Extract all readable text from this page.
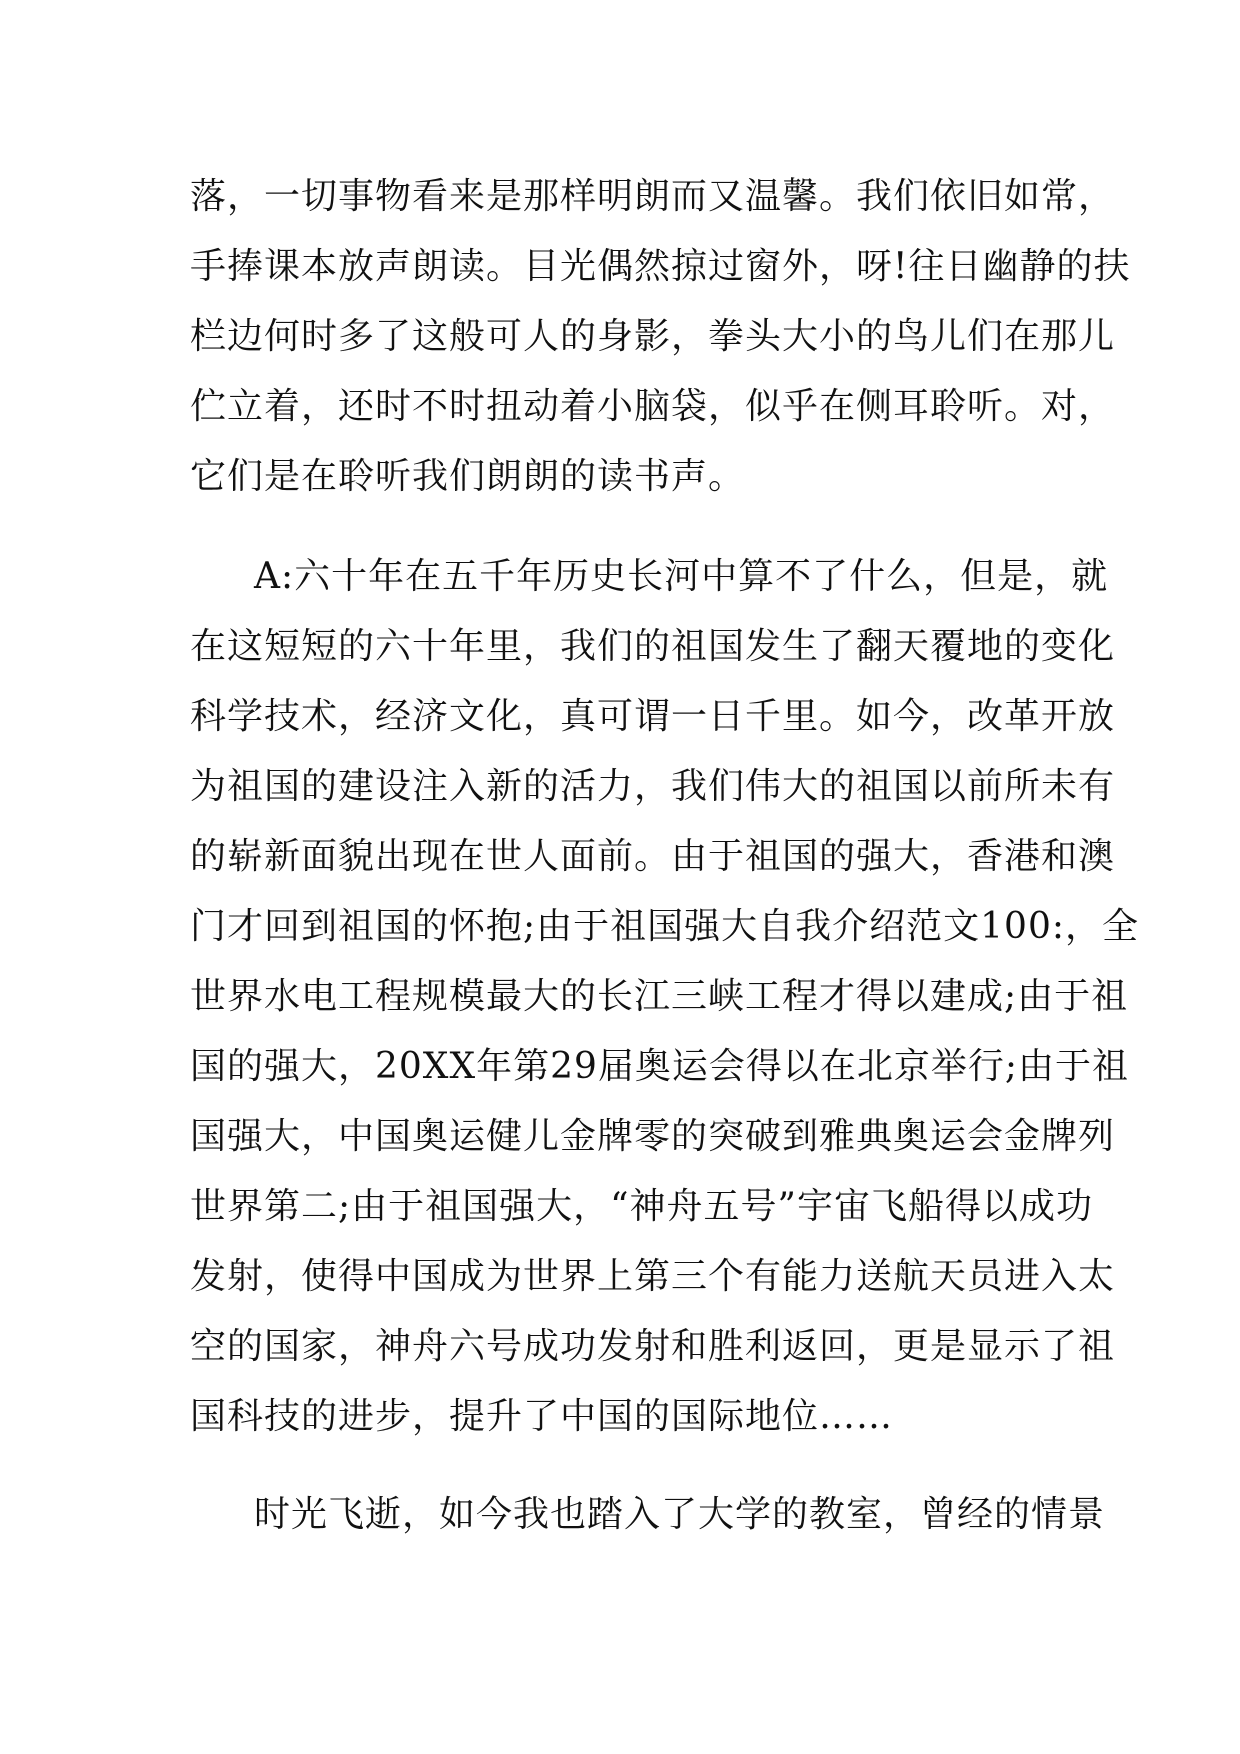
落，一切事物看来是那样明朗而又温馨。我们依旧如常，
手捧课本放声朗读。目光偶然掠过窗外，呀!往日幽静的扶
栏边何时多了这般可人的身影，拳头大小的鸟儿们在那儿
伫立着，还时不时扭动着小脑袋，似乎在侧耳聆听。对，
它们是在聆听我们朗朗的读书声。
A:六十年在五千年历史长河中算不了什么，但是，就
在这短短的六十年里，我们的祖国发生了翻天覆地的变化
科学技术，经济文化，真可谓一日千里。如今，改革开放
为祖国的建设注入新的活力，我们伟大的祖国以前所未有
的崭新面貌出现在世人面前。由于祖国的强大，香港和澳
门才回到祖国的怀抱;由于祖国强大自我介绍范文100:，全
世界水电工程规模最大的长江三峡工程才得以建成;由于祖
国的强大，20XX年第29届奥运会得以在北京举行;由于祖
国强大，中国奥运健儿金牌零的突破到雅典奥运会金牌列
世界第二;由于祖国强大，“神舟五号”宇宙飞船得以成功
发射，使得中国成为世界上第三个有能力送航天员进入太
空的国家，神舟六号成功发射和胜利返回，更是显示了祖
国科技的进步，提升了中国的国际地位……
时光飞逝，如今我也踏入了大学的教室，曾经的情景
